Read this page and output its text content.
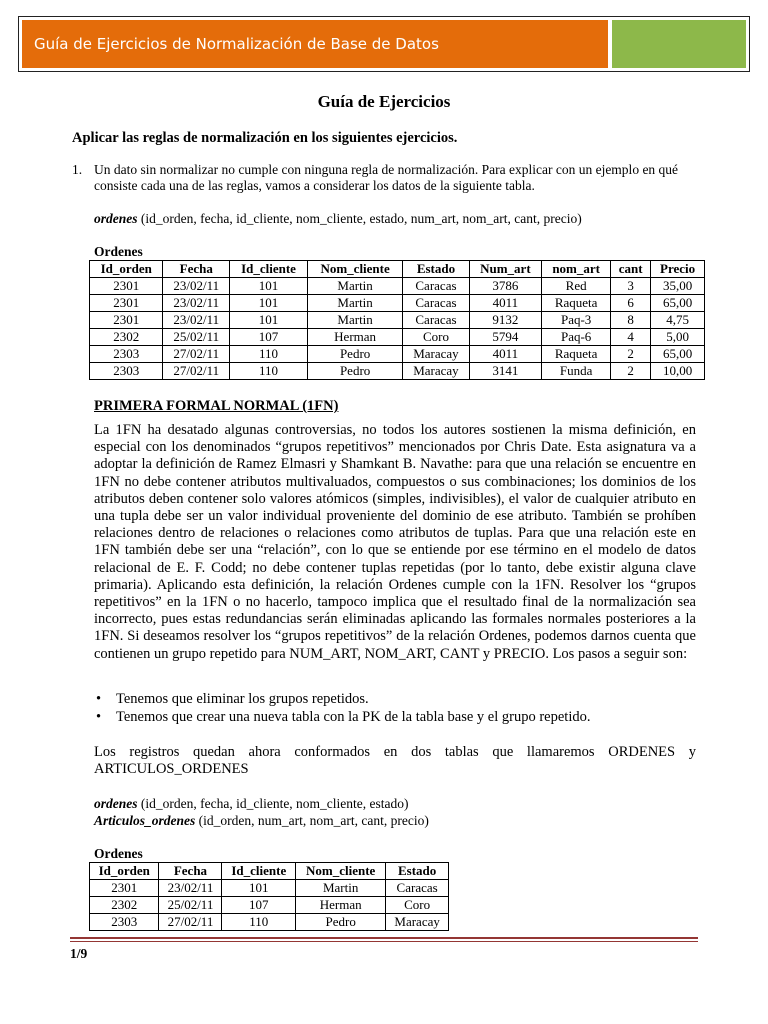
Guía de Ejercicios de Normalización de Base de Datos
Guía de Ejercicios
Aplicar las reglas de normalización en los siguientes ejercicios.
1. Un dato sin normalizar no cumple con ninguna regla de normalización. Para explicar con un ejemplo en qué consiste cada una de las reglas, vamos a considerar los datos de la siguiente tabla.
ordenes (id_orden, fecha, id_cliente, nom_cliente, estado, num_art, nom_art, cant, precio)
Ordenes
Id_orden	Fecha	Id_cliente	Nom_cliente	Estado	Num_art	nom_art	cant	Precio
2301	23/02/11	101	Martin	Caracas	3786	Red	3	35,00
2301	23/02/11	101	Martin	Caracas	4011	Raqueta	6	65,00
2301	23/02/11	101	Martin	Caracas	9132	Paq-3	8	4,75
2302	25/02/11	107	Herman	Coro	5794	Paq-6	4	5,00
2303	27/02/11	110	Pedro	Maracay	4011	Raqueta	2	65,00
2303	27/02/11	110	Pedro	Maracay	3141	Funda	2	10,00
PRIMERA FORMAL NORMAL (1FN)
La 1FN ha desatado algunas controversias, no todos los autores sostienen la misma definición, en especial con los denominados “grupos repetitivos” mencionados por Chris Date. Esta asignatura va a adoptar la definición de Ramez Elmasri y Shamkant B. Navathe: para que una relación se encuentre en 1FN no debe contener atributos multivaluados, compuestos o sus combinaciones; los dominios de los atributos deben contener solo valores atómicos (simples, indivisibles), el valor de cualquier atributo en una tupla debe ser un valor individual proveniente del dominio de ese atributo. También se prohíben relaciones dentro de relaciones o relaciones como atributos de tuplas. Para que una relación este en 1FN también debe ser una “relación”, con lo que se entiende por ese término en el modelo de datos relacional de E. F. Codd; no debe contener tuplas repetidas (por lo tanto, debe existir alguna clave primaria). Aplicando esta definición, la relación Ordenes cumple con la 1FN. Resolver los “grupos repetitivos” en la 1FN o no hacerlo, tampoco implica que el resultado final de la normalización sea incorrecto, pues estas redundancias serán eliminadas aplicando las formales normales posteriores a la 1FN. Si deseamos resolver los “grupos repetitivos” de la relación Ordenes, podemos darnos cuenta que contienen un grupo repetido para NUM_ART, NOM_ART, CANT y PRECIO. Los pasos a seguir son:
• Tenemos que eliminar los grupos repetidos.
• Tenemos que crear una nueva tabla con la PK de la tabla base y el grupo repetido.
Los registros quedan ahora conformados en dos tablas que llamaremos ORDENES y ARTICULOS_ORDENES
ordenes (id_orden, fecha, id_cliente, nom_cliente, estado)
Articulos_ordenes (id_orden, num_art, nom_art, cant, precio)
Ordenes
Id_orden	Fecha	Id_cliente	Nom_cliente	Estado
2301	23/02/11	101	Martin	Caracas
2302	25/02/11	107	Herman	Coro
2303	27/02/11	110	Pedro	Maracay
1/9
